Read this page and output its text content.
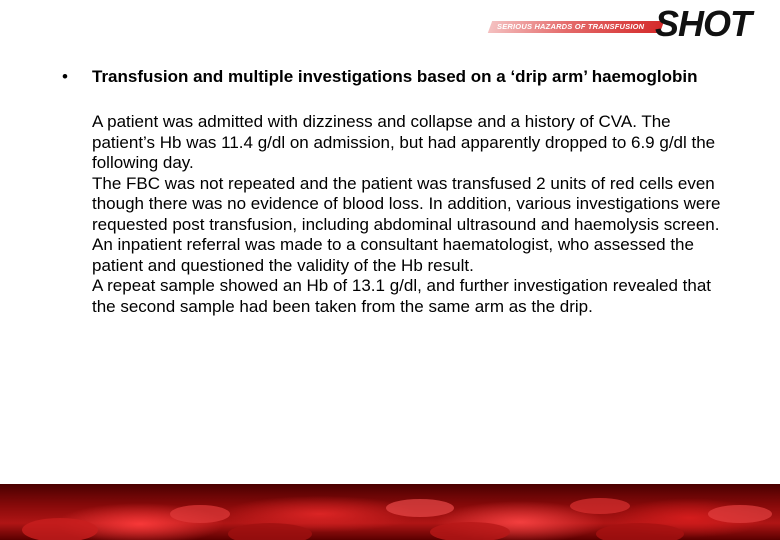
SERIOUS HAZARDS OF TRANSFUSION SHOT
•	Transfusion and multiple investigations based on a ‘drip arm’ haemoglobin
A patient was admitted with dizziness and collapse and a history of CVA. The patient’s Hb was 11.4 g/dl on admission, but had apparently dropped to 6.9 g/dl the following day.
The FBC was not repeated and the patient was transfused 2 units of red cells even though there was no evidence of blood loss. In addition, various investigations were requested post transfusion, including abdominal ultrasound and haemolysis screen. An inpatient referral was made to a consultant haematologist, who assessed the patient and questioned the validity of the Hb result.
A repeat sample showed an Hb of 13.1 g/dl, and further investigation revealed that the second sample had been taken from the same arm as the drip.
